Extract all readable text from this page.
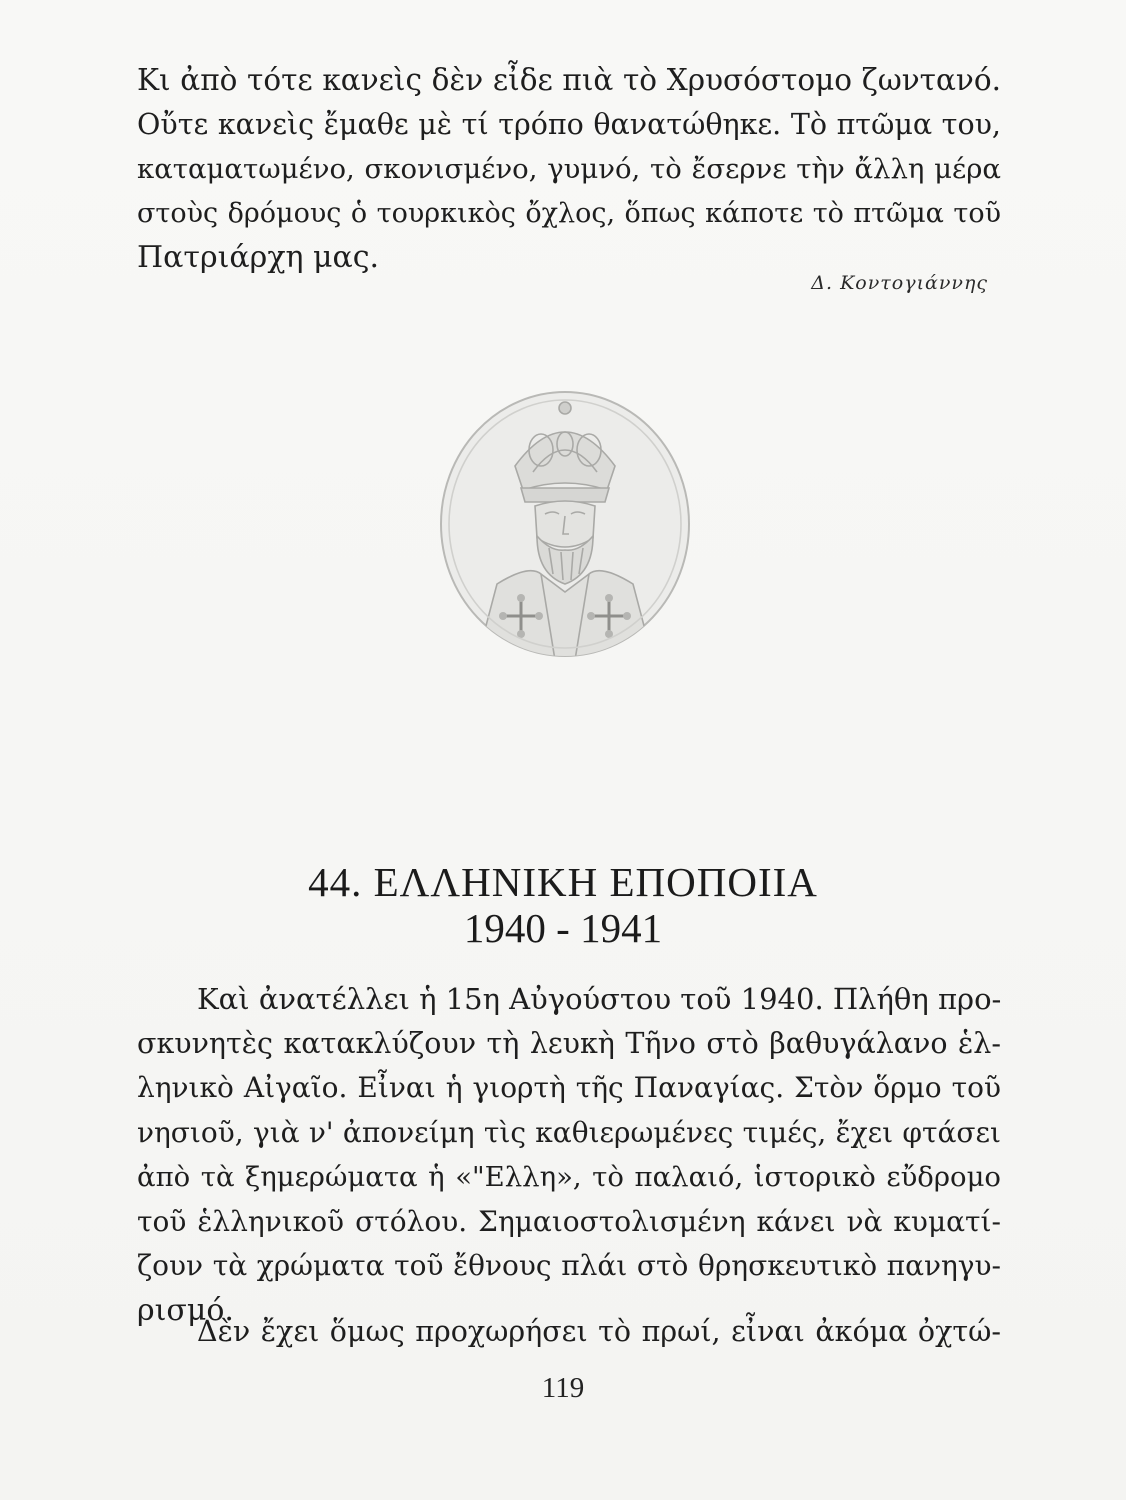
Κι ἀπὸ τότε κανεὶς δὲν εἶδε πιὰ τὸ Χρυσόστομο ζωντανό.
Οὔτε κανεὶς ἔμαθε μὲ τί τρόπο θανατώθηκε. Τὸ πτῶμα του,
καταματωμένο, σκονισμένο, γυμνό, τὸ ἔσερνε τὴν ἄλλη μέρα
στοὺς δρόμους ὁ τουρκικὸς ὄχλος, ὅπως κάποτε τὸ πτῶμα τοῦ
Πατριάρχη μας.

Δ. Κοντογιάννης
44. ΕΛΛΗΝΙΚΗ ΕΠΟΠΟΙΙΑ
1940 - 1941

Καὶ ἀνατέλλει ἡ 15η Αὐγούστου τοῦ 1940. Πλήθη προ-
σκυνητὲς κατακλύζουν τὴ λευκὴ Τῆνο στὸ βαθυγάλανο ἑλ-
ληνικὸ Αἰγαῖο. Εἶναι ἡ γιορτὴ τῆς Παναγίας. Στὸν ὅρμο τοῦ
νησιοῦ, γιὰ ν' ἀπονείμη τὶς καθιερωμένες τιμές, ἔχει φτάσει
ἀπὸ τὰ ξημερώματα ἡ «"Ελλη», τὸ παλαιό, ἱστορικὸ εὔδρομο
τοῦ ἑλληνικοῦ στόλου. Σημαιοστολισμένη κάνει νὰ κυματί-
ζουν τὰ χρώματα τοῦ ἔθνους πλάι στὸ θρησκευτικὸ πανηγυ-
ρισμό.

Δὲν ἔχει ὅμως προχωρήσει τὸ πρωί, εἶναι ἀκόμα ὀχτώ-

119
